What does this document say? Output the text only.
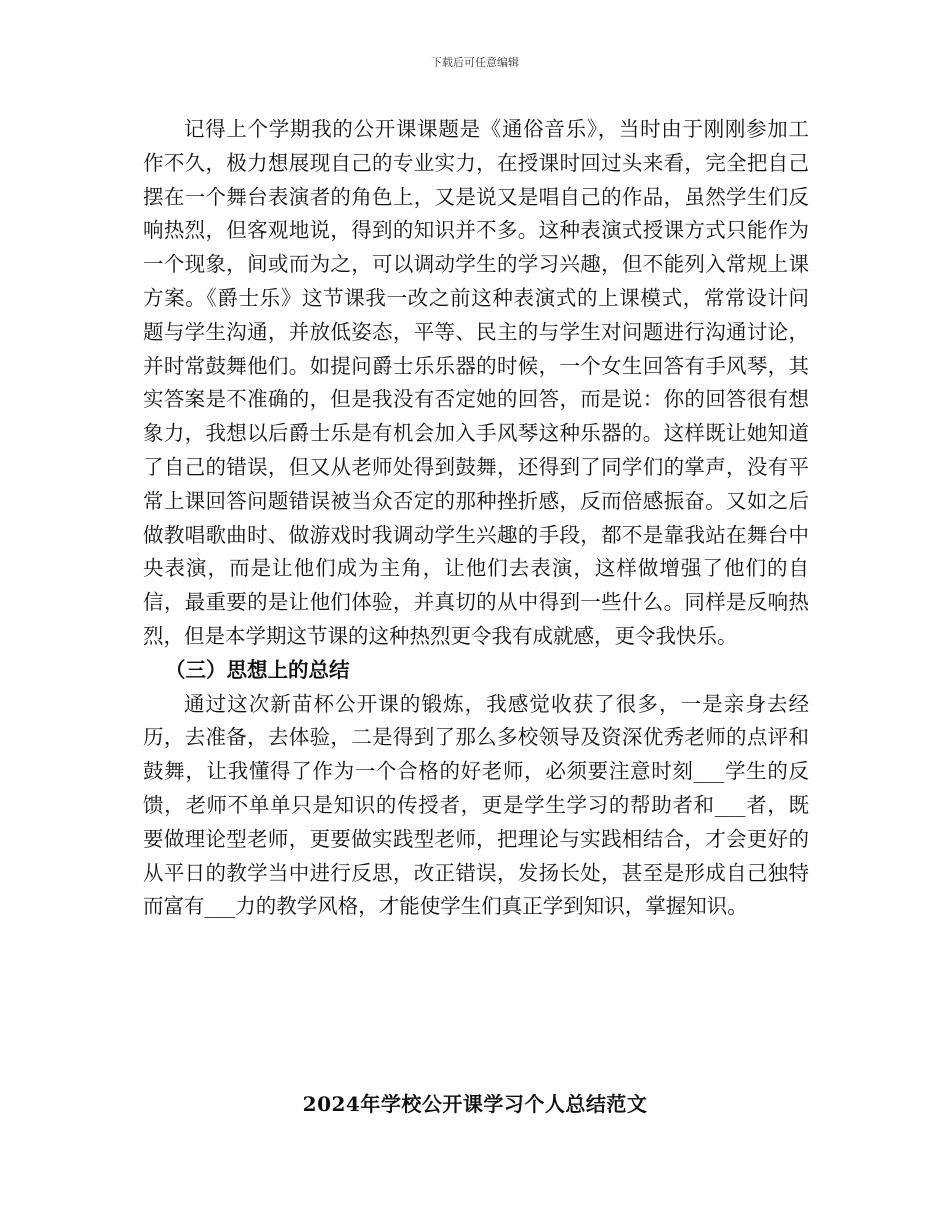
下载后可任意编辑

记得上个学期我的公开课课题是《通俗音乐》，当时由于刚刚参加工作不久，极力想展现自己的专业实力，在授课时回过头来看，完全把自己摆在一个舞台表演者的角色上，又是说又是唱自己的作品，虽然学生们反响热烈，但客观地说，得到的知识并不多。这种表演式授课方式只能作为一个现象，间或而为之，可以调动学生的学习兴趣，但不能列入常规上课方案。《爵士乐》这节课我一改之前这种表演式的上课模式，常常设计问题与学生沟通，并放低姿态，平等、民主的与学生对问题进行沟通讨论，并时常鼓舞他们。如提问爵士乐乐器的时候，一个女生回答有手风琴，其实答案是不准确的，但是我没有否定她的回答，而是说：你的回答很有想象力，我想以后爵士乐是有机会加入手风琴这种乐器的。这样既让她知道了自己的错误，但又从老师处得到鼓舞，还得到了同学们的掌声，没有平常上课回答问题错误被当众否定的那种挫折感，反而倍感振奋。又如之后做教唱歌曲时、做游戏时我调动学生兴趣的手段，都不是靠我站在舞台中央表演，而是让他们成为主角，让他们去表演，这样做增强了他们的自信，最重要的是让他们体验，并真切的从中得到一些什么。同样是反响热烈，但是本学期这节课的这种热烈更令我有成就感，更令我快乐。

（三）思想上的总结

通过这次新苗杯公开课的锻炼，我感觉收获了很多，一是亲身去经历，去准备，去体验，二是得到了那么多校领导及资深优秀老师的点评和鼓舞，让我懂得了作为一个合格的好老师，必须要注意时刻___学生的反馈，老师不单单只是知识的传授者，更是学生学习的帮助者和___者，既要做理论型老师，更要做实践型老师，把理论与实践相结合，才会更好的从平日的教学当中进行反思，改正错误，发扬长处，甚至是形成自己独特而富有___力的教学风格，才能使学生们真正学到知识，掌握知识。

2024年学校公开课学习个人总结范文
